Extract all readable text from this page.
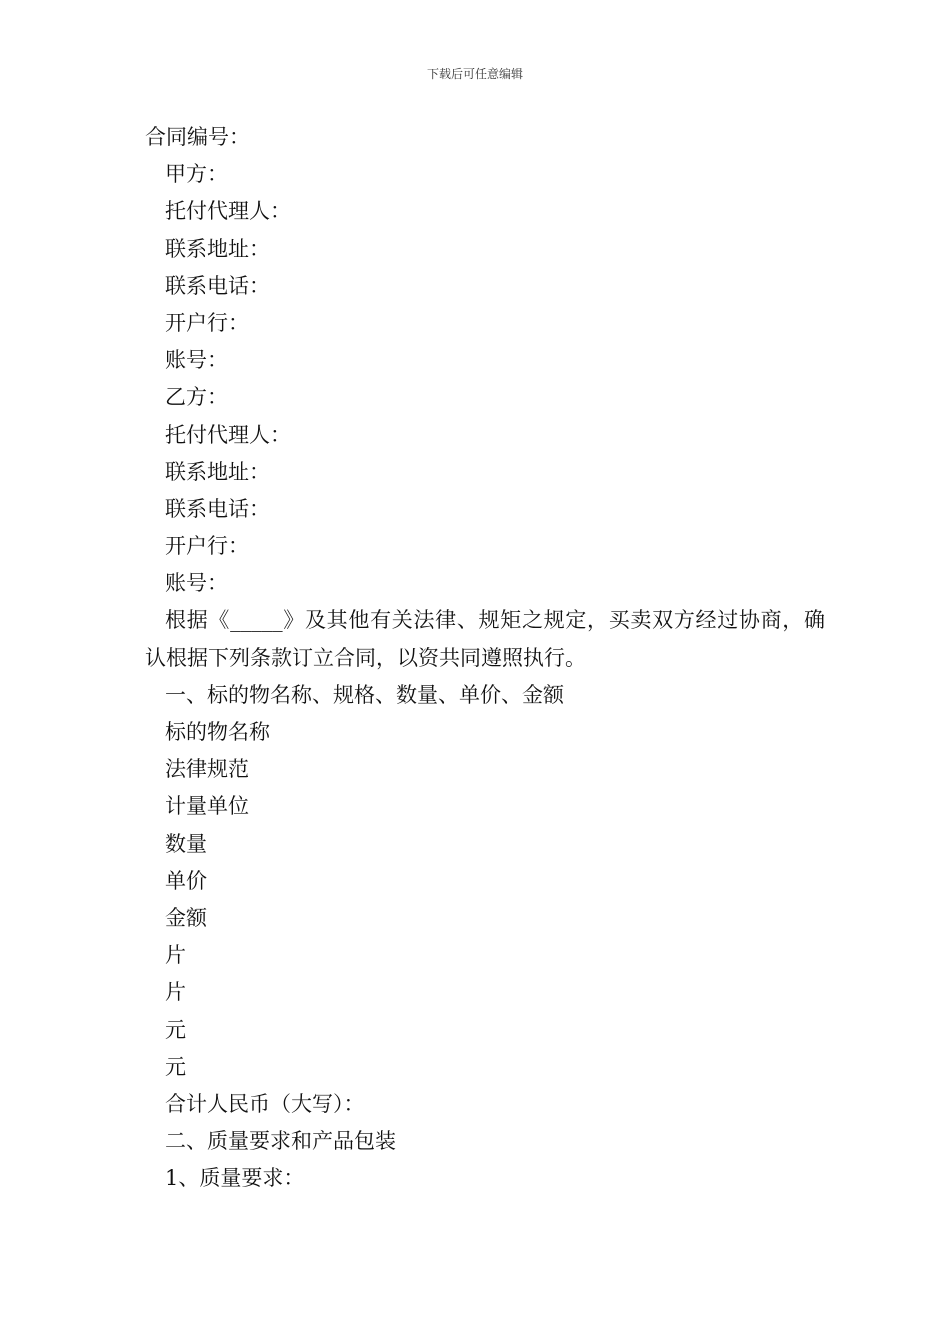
下载后可任意编辑
合同编号：
甲方：
托付代理人：
联系地址：
联系电话：
开户行：
账号：
乙方：
托付代理人：
联系地址：
联系电话：
开户行：
账号：
根据《_____》及其他有关法律、规矩之规定，买卖双方经过协商，确认根据下列条款订立合同，以资共同遵照执行。
一、标的物名称、规格、数量、单价、金额
标的物名称
法律规范
计量单位
数量
单价
金额
片
片
元
元
合计人民币（大写）：
二、质量要求和产品包装
1、质量要求：
